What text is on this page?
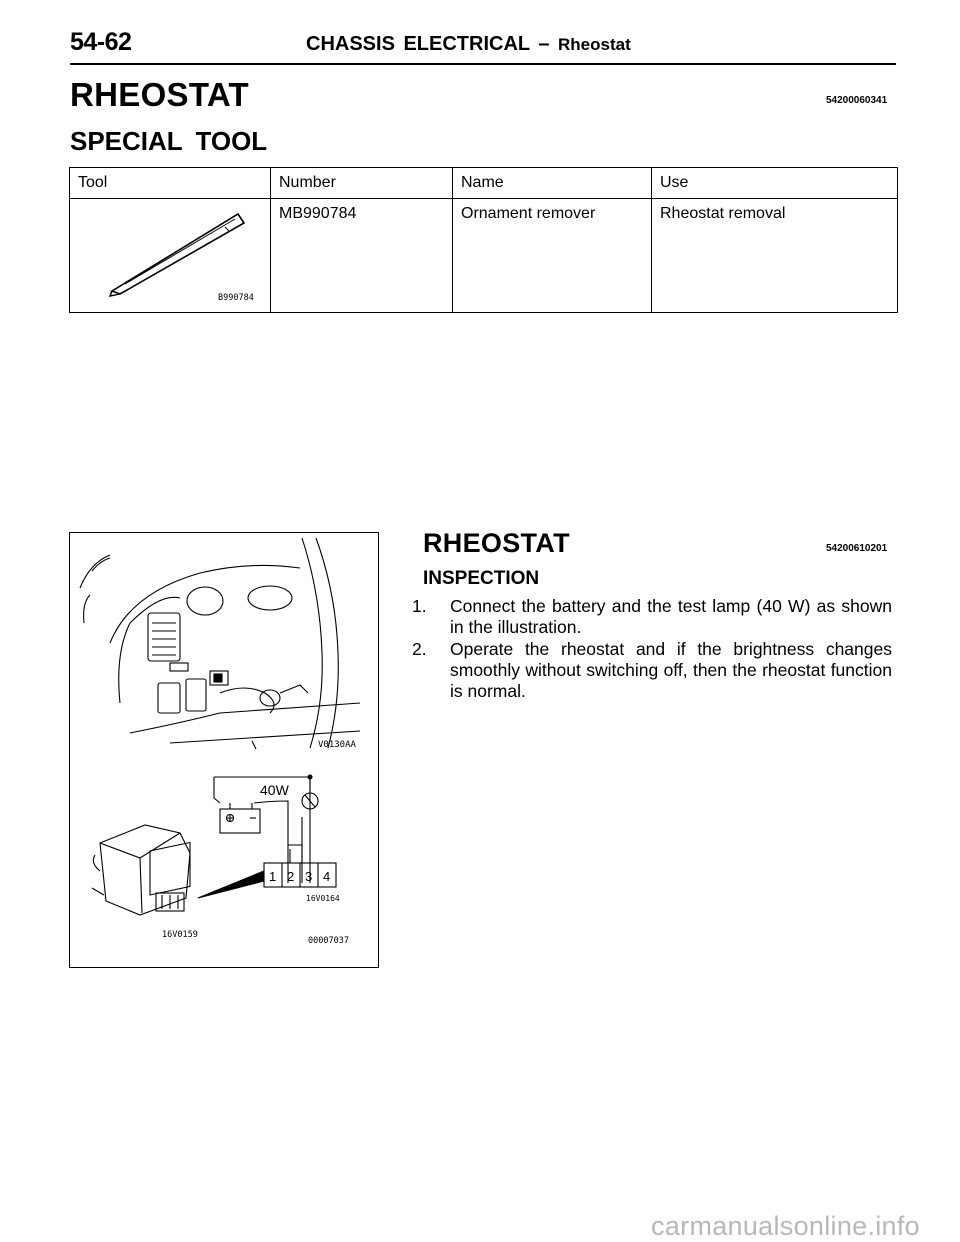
54-62	CHASSIS ELECTRICAL – Rheostat
RHEOSTAT	54200060341
SPECIAL TOOL
Tool	Number	Name	Use

B990784	MB990784	Ornament remover	Rheostat removal
V0130AA
40W
1 2 3 4
16V0164
16V0159
00007037
RHEOSTAT	54200610201
INSPECTION
1. Connect the battery and the test lamp (40 W) as shown in the illustration.
2. Operate the rheostat and if the brightness changes smoothly without switching off, then the rheostat function is normal.
carmanualsonline.info
